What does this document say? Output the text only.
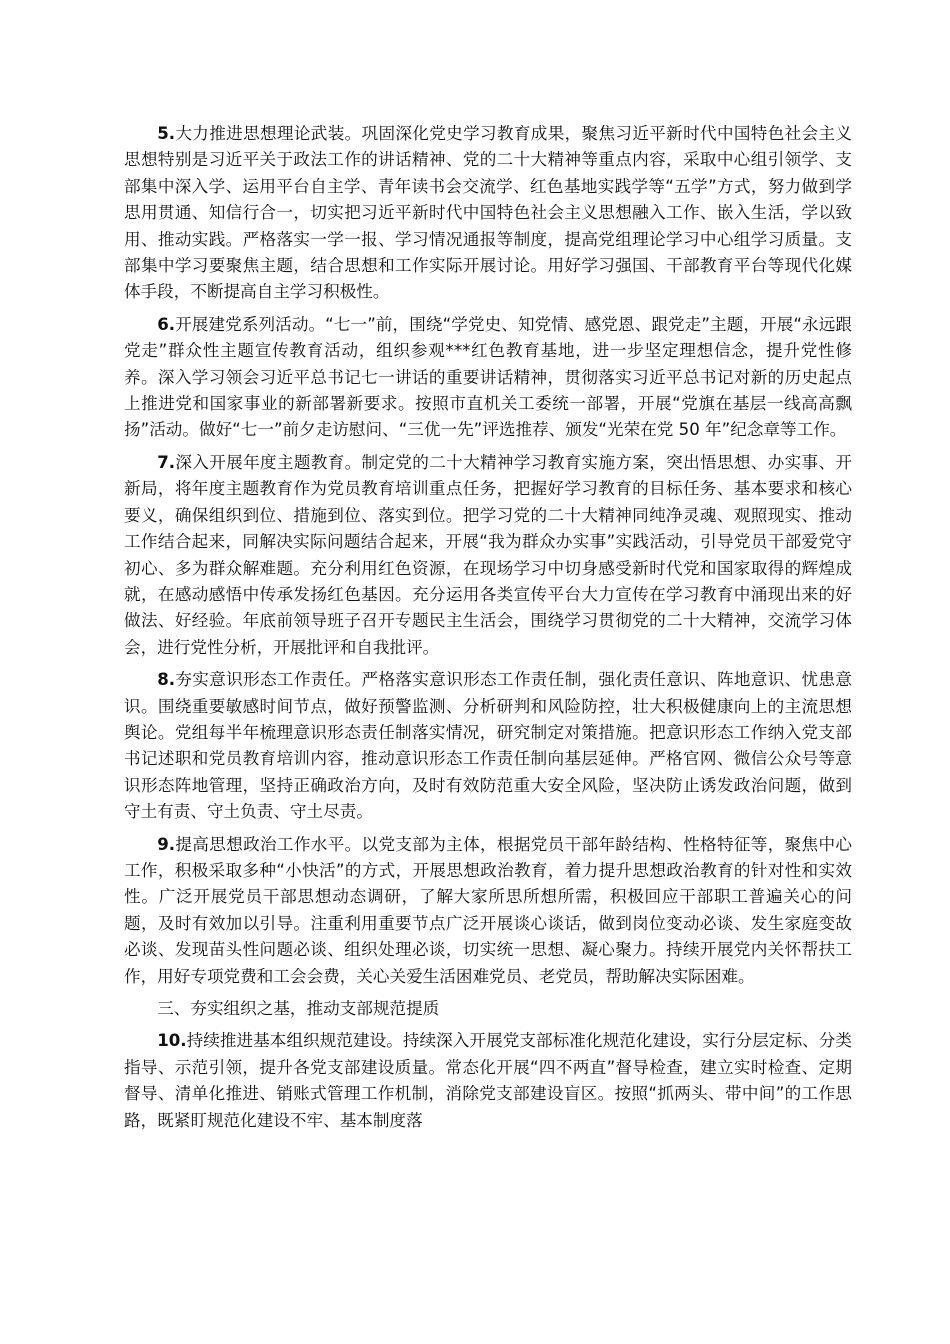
5.大力推进思想理论武装。巩固深化党史学习教育成果，聚焦习近平新时代中国特色社会主义思想特别是习近平关于政法工作的讲话精神、党的二十大精神等重点内容，采取中心组引领学、支部集中深入学、运用平台自主学、青年读书会交流学、红色基地实践学等“五学”方式，努力做到学思用贯通、知信行合一，切实把习近平新时代中国特色社会主义思想融入工作、嵌入生活，学以致用、推动实践。严格落实一学一报、学习情况通报等制度，提高党组理论学习中心组学习质量。支部集中学习要聚焦主题，结合思想和工作实际开展讨论。用好学习强国、干部教育平台等现代化媒体手段，不断提高自主学习积极性。

6.开展建党系列活动。“七一”前，围绕“学党史、知党情、感党恩、跟党走”主题，开展“永远跟党走”群众性主题宣传教育活动，组织参观***红色教育基地，进一步坚定理想信念，提升党性修养。深入学习领会习近平总书记七一讲话的重要讲话精神，贯彻落实习近平总书记对新的历史起点上推进党和国家事业的新部署新要求。按照市直机关工委统一部署，开展“党旗在基层一线高高飘扬”活动。做好“七一”前夕走访慰问、“三优一先”评选推荐、颁发“光荣在党 50 年”纪念章等工作。

7.深入开展年度主题教育。制定党的二十大精神学习教育实施方案，突出悟思想、办实事、开新局，将年度主题教育作为党员教育培训重点任务，把握好学习教育的目标任务、基本要求和核心要义，确保组织到位、措施到位、落实到位。把学习党的二十大精神同纯净灵魂、观照现实、推动工作结合起来，同解决实际问题结合起来，开展“我为群众办实事”实践活动，引导党员干部爱党守初心、多为群众解难题。充分利用红色资源，在现场学习中切身感受新时代党和国家取得的辉煌成就，在感动感悟中传承发扬红色基因。充分运用各类宣传平台大力宣传在学习教育中涌现出来的好做法、好经验。年底前领导班子召开专题民主生活会，围绕学习贯彻党的二十大精神，交流学习体会，进行党性分析，开展批评和自我批评。

8.夯实意识形态工作责任。严格落实意识形态工作责任制，强化责任意识、阵地意识、忧患意识。围绕重要敏感时间节点，做好预警监测、分析研判和风险防控，壮大积极健康向上的主流思想舆论。党组每半年梳理意识形态责任制落实情况，研究制定对策措施。把意识形态工作纳入党支部书记述职和党员教育培训内容，推动意识形态工作责任制向基层延伸。严格官网、微信公众号等意识形态阵地管理，坚持正确政治方向，及时有效防范重大安全风险，坚决防止诱发政治问题，做到守土有责、守土负责、守土尽责。

9.提高思想政治工作水平。以党支部为主体，根据党员干部年龄结构、性格特征等，聚焦中心工作，积极采取多种“小快活”的方式，开展思想政治教育，着力提升思想政治教育的针对性和实效性。广泛开展党员干部思想动态调研，了解大家所思所想所需，积极回应干部职工普遍关心的问题，及时有效加以引导。注重利用重要节点广泛开展谈心谈话，做到岗位变动必谈、发生家庭变故必谈、发现苗头性问题必谈、组织处理必谈，切实统一思想、凝心聚力。持续开展党内关怀帮扶工作，用好专项党费和工会会费，关心关爱生活困难党员、老党员，帮助解决实际困难。

三、夯实组织之基，推动支部规范提质

10.持续推进基本组织规范建设。持续深入开展党支部标准化规范化建设，实行分层定标、分类指导、示范引领，提升各党支部建设质量。常态化开展“四不两直”督导检查，建立实时检查、定期督导、清单化推进、销账式管理工作机制，消除党支部建设盲区。按照“抓两头、带中间”的工作思路，既紧盯规范化建设不牢、基本制度落
